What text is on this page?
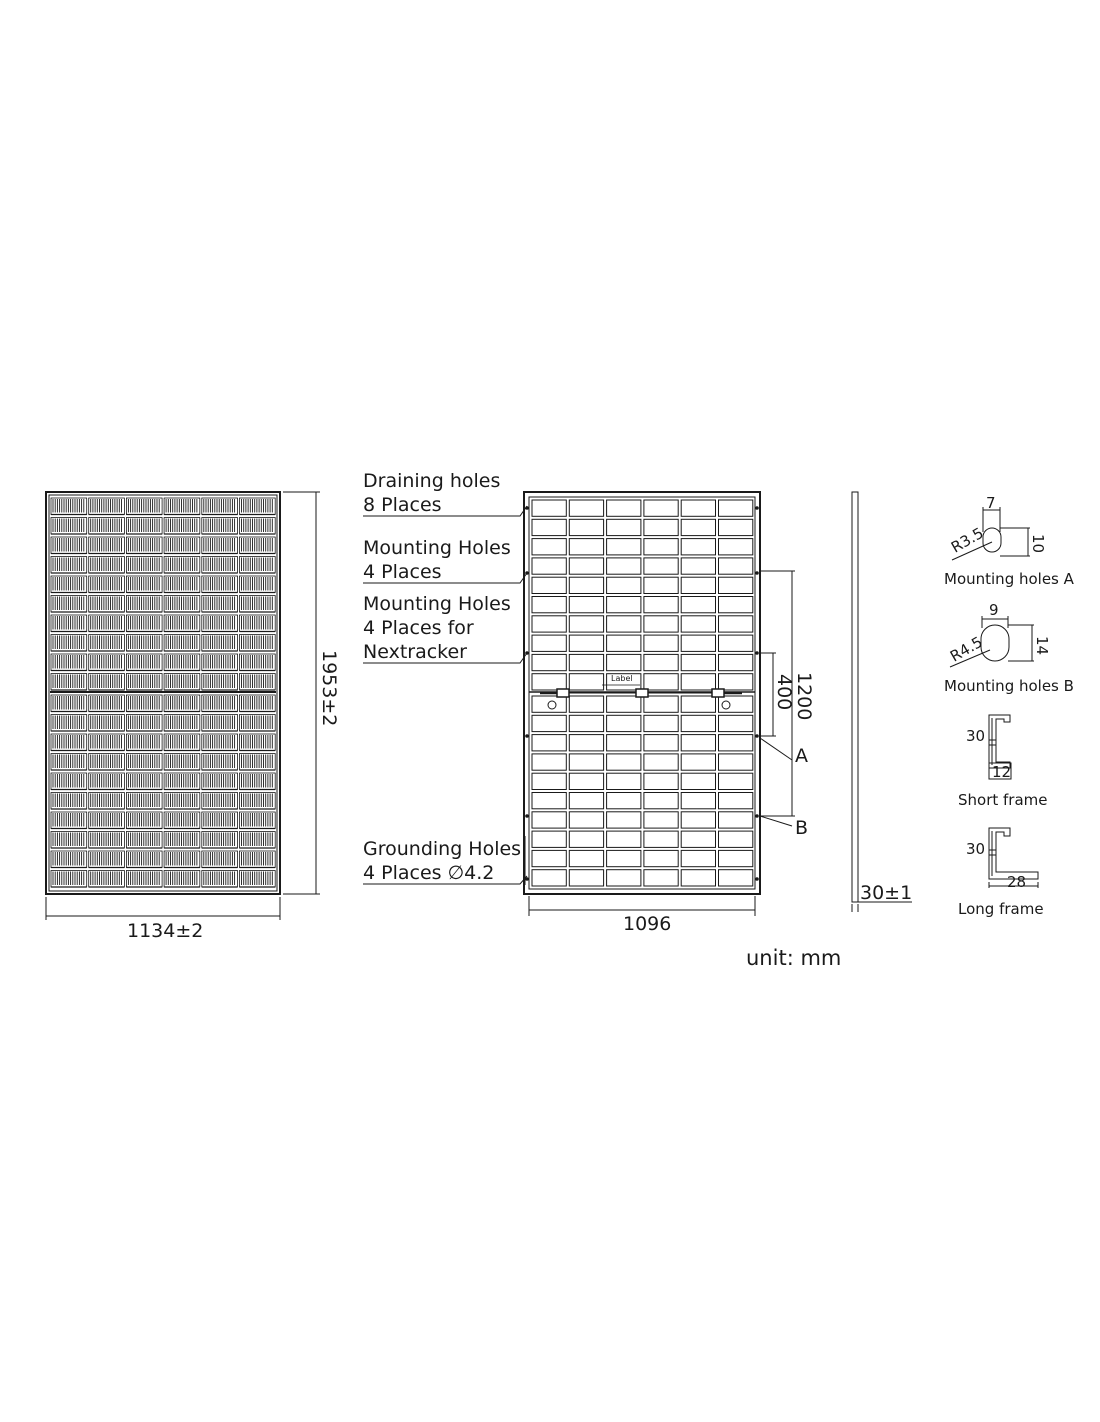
1134±2
1953±2
Draining holes
8 Places
Mounting Holes
4 Places
Mounting Holes
4 Places for
Nextracker
Grounding Holes
4 Places ∅4.2
Label
1096
1200
400
A
B
30±1
7
10
R3.5
Mounting holes A
9
14
R4.5
Mounting holes B
30
12
Short frame
30
28
Long frame
unit: mm
